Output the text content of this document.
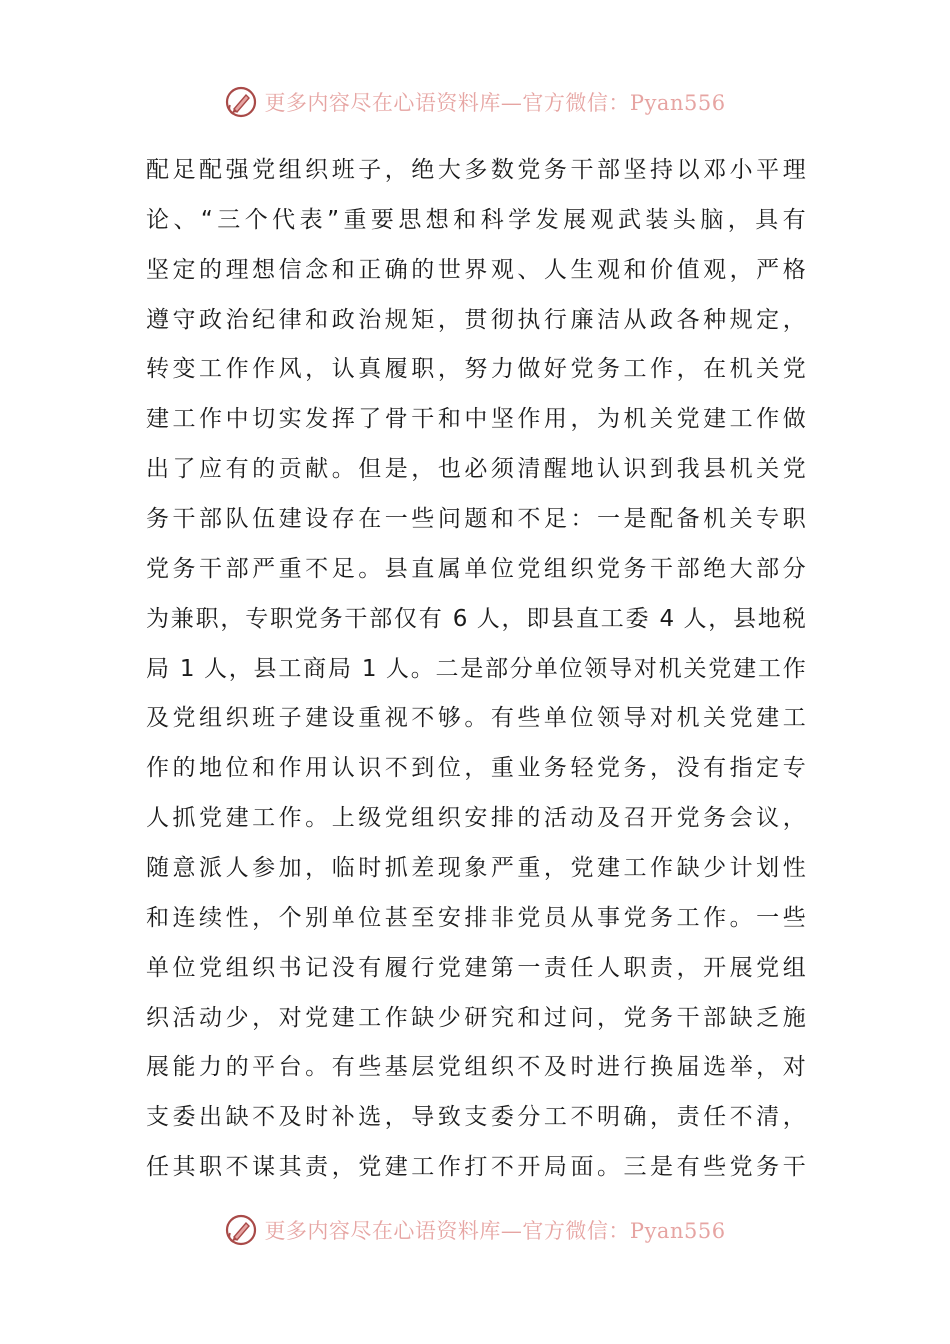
更多内容尽在心语资料库—官方微信：Pyan556
配足配强党组织班子，绝大多数党务干部坚持以邓小平理
论、“三个代表”重要思想和科学发展观武装头脑，具有
坚定的理想信念和正确的世界观、人生观和价值观，严格
遵守政治纪律和政治规矩，贯彻执行廉洁从政各种规定，
转变工作作风，认真履职，努力做好党务工作，在机关党
建工作中切实发挥了骨干和中坚作用，为机关党建工作做
出了应有的贡献。但是，也必须清醒地认识到我县机关党
务干部队伍建设存在一些问题和不足：一是配备机关专职
党务干部严重不足。县直属单位党组织党务干部绝大部分
为兼职，专职党务干部仅有 6 人，即县直工委 4 人，县地税
局 1 人，县工商局 1 人。二是部分单位领导对机关党建工作
及党组织班子建设重视不够。有些单位领导对机关党建工
作的地位和作用认识不到位，重业务轻党务，没有指定专
人抓党建工作。上级党组织安排的活动及召开党务会议，
随意派人参加，临时抓差现象严重，党建工作缺少计划性
和连续性，个别单位甚至安排非党员从事党务工作。一些
单位党组织书记没有履行党建第一责任人职责，开展党组
织活动少，对党建工作缺少研究和过问，党务干部缺乏施
展能力的平台。有些基层党组织不及时进行换届选举，对
支委出缺不及时补选，导致支委分工不明确，责任不清，
任其职不谋其责，党建工作打不开局面。三是有些党务干
更多内容尽在心语资料库—官方微信：Pyan556
